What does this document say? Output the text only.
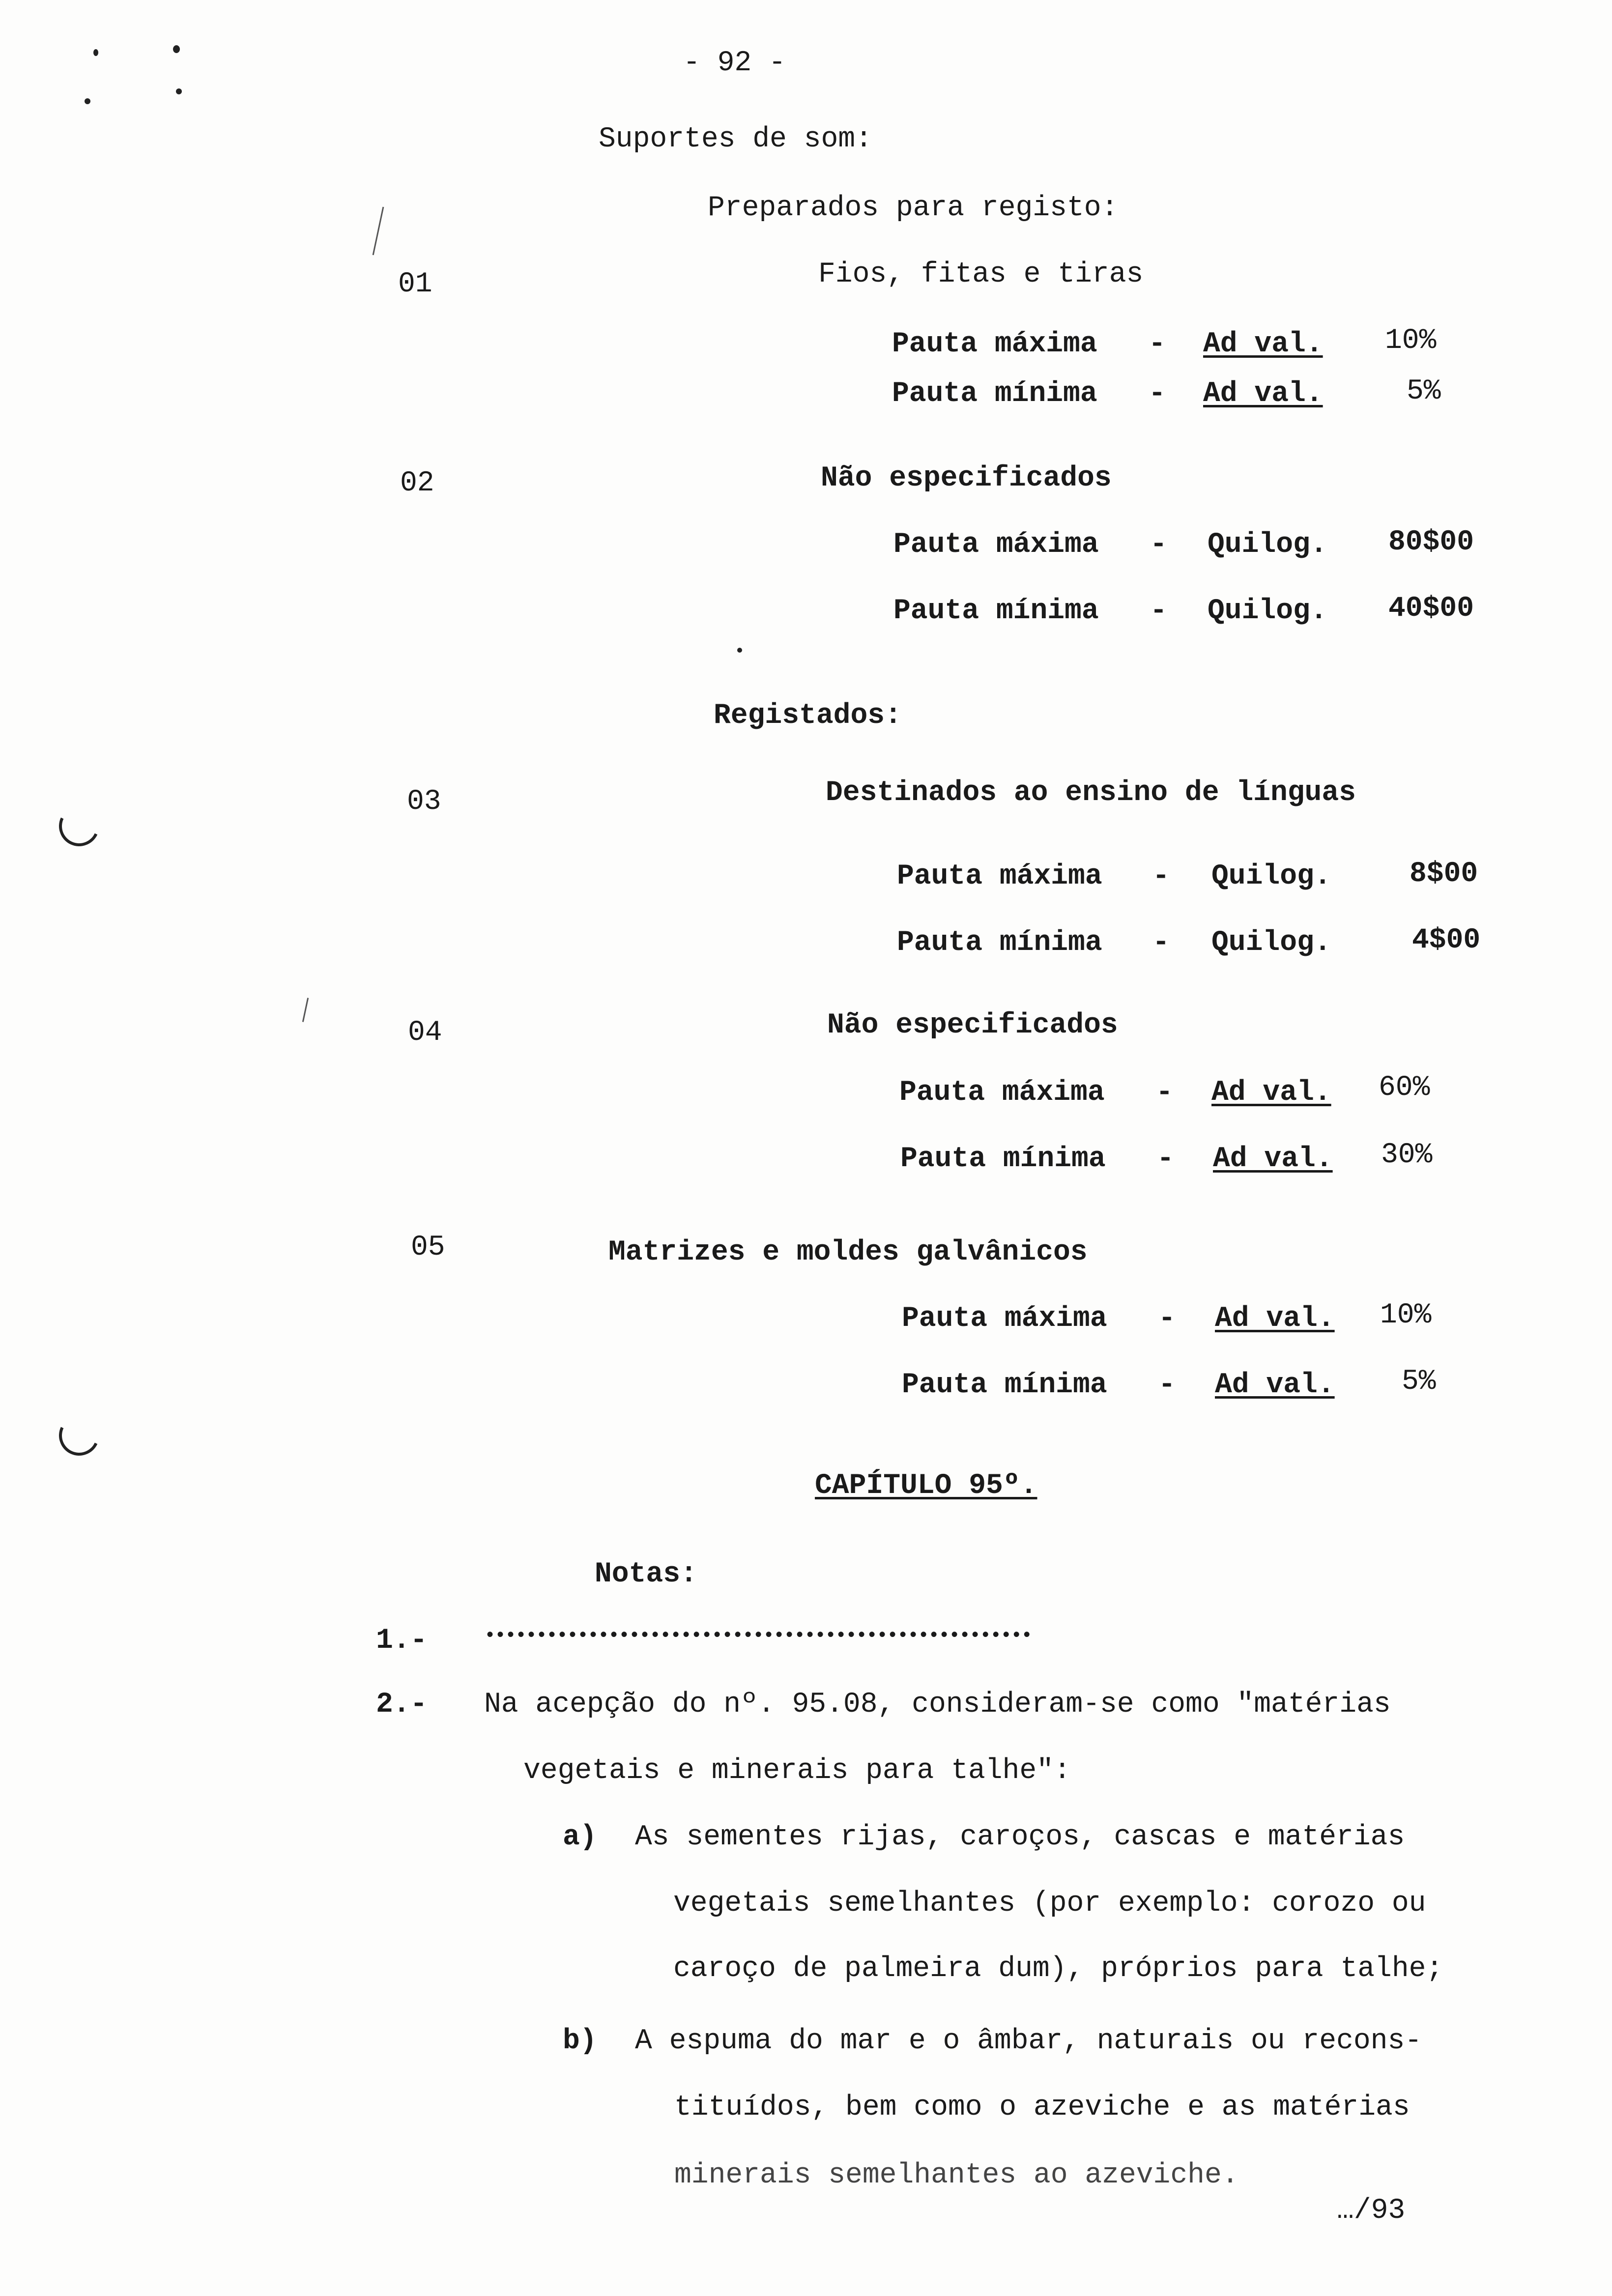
- 92 -
Suportes de som:
Preparados para registo:
01	Fios, fitas e tiras
Pauta máxima - Ad val. 10%
Pauta mínima - Ad val.	5%
02	Não especificados
Pauta máxima - Quilog. 80$00
Pauta mínima - Quilog. 40$00
Registados:
03	Destinados ao ensino de línguas
Pauta máxima - Quilog.	8$00
Pauta mínima - Quilog.	4$00
04	Não especificados
Pauta máxima - Ad val. 60%
Pauta mínima - Ad val. 30%
05	Matrizes e moldes galvânicos
Pauta máxima - Ad val. 10%
Pauta mínima - Ad val. 5%
CAPÍTULO 95º.
Notas:
1.-	•••••••••••••••••••••••••••••••••••••••••••••••••••••
2.- Na acepção do nº. 95.08, consideram-se como "matérias
vegetais e minerais para talhe":
a) As sementes rijas, caroços, cascas e matérias
vegetais semelhantes (por exemplo: corozo ou
caroço de palmeira dum), próprios para talhe;
b) A espuma do mar e o âmbar, naturais ou recons-
tituídos, bem como o azeviche e as matérias
minerais semelhantes ao azeviche.
…/93
